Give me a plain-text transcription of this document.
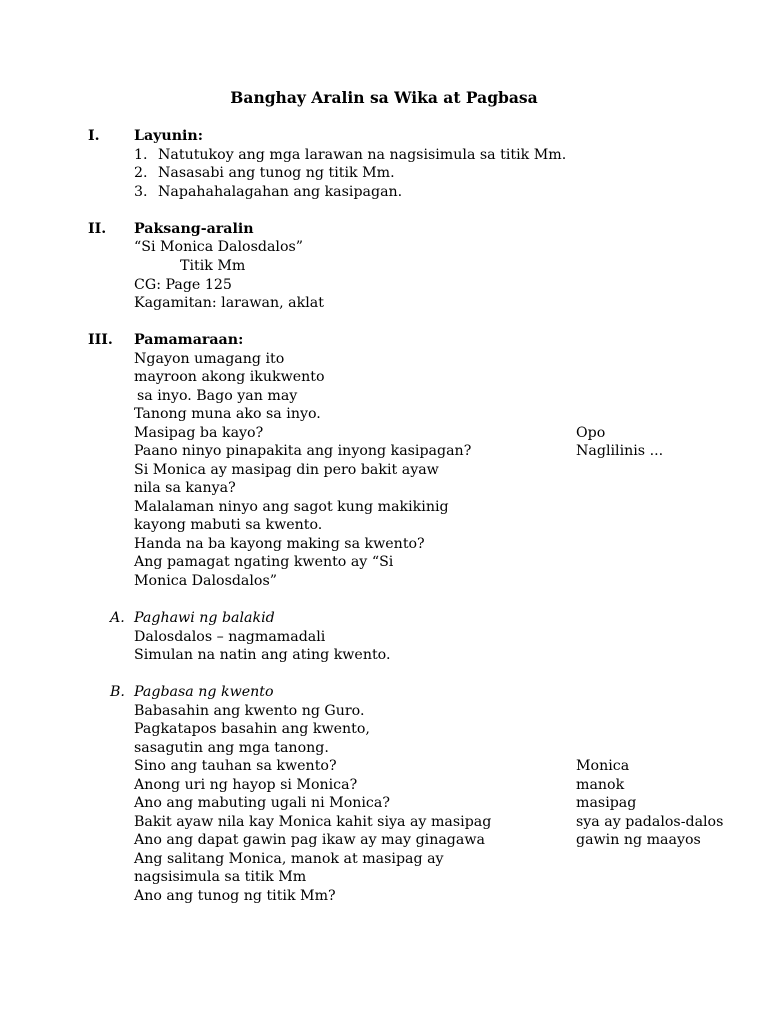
Banghay Aralin sa Wika at Pagbasa
I. Layunin:
1. Natutukoy ang mga larawan na nagsisimula sa titik Mm.
2. Nasasabi ang tunog ng titik Mm.
3. Napahahalagahan ang kasipagan.
II. Paksang-aralin
“Si Monica Dalosdalos”
Titik Mm
CG: Page 125
Kagamitan: larawan, aklat
III. Pamamaraan:
Ngayon umagang ito
mayroon akong ikukwento
sa inyo. Bago yan may
Tanong muna ako sa inyo.
Masipag ba kayo?	Opo
Paano ninyo pinapakita ang inyong kasipagan?	Naglilinis ...
Si Monica ay masipag din pero bakit ayaw
nila sa kanya?
Malalaman ninyo ang sagot kung makikinig
kayong mabuti sa kwento.
Handa na ba kayong making sa kwento?
Ang pamagat ngating kwento ay “Si
Monica Dalosdalos”
A. Paghawi ng balakid
Dalosdalos – nagmamadali
Simulan na natin ang ating kwento.
B. Pagbasa ng kwento
Babasahin ang kwento ng Guro.
Pagkatapos basahin ang kwento,
sasagutin ang mga tanong.
Sino ang tauhan sa kwento?	Monica
Anong uri ng hayop si Monica?	manok
Ano ang mabuting ugali ni Monica?	masipag
Bakit ayaw nila kay Monica kahit siya ay masipag	sya ay padalos-dalos
Ano ang dapat gawin pag ikaw ay may ginagawa	gawin ng maayos
Ang salitang Monica, manok at masipag ay
nagsisimula sa titik Mm
Ano ang tunog ng titik Mm?
